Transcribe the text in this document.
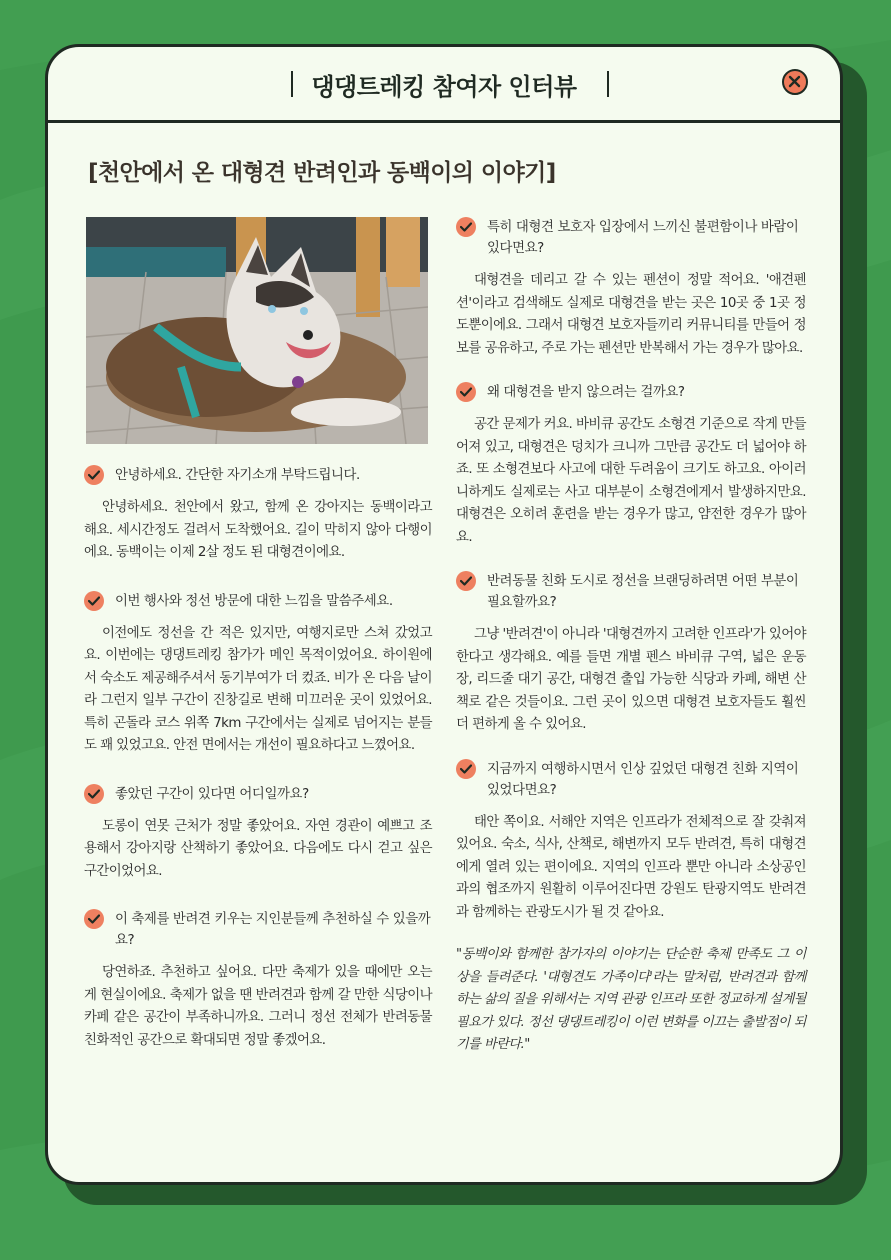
댕댕트레킹 참여자 인터뷰
[천안에서 온 대형견 반려인과 동백이의 이야기]
안녕하세요. 간단한 자기소개 부탁드립니다.

안녕하세요. 천안에서 왔고, 함께 온 강아지는 동백이라고 해요. 세시간정도 걸려서 도착했어요. 길이 막히지 않아 다행이에요. 동백이는 이제 2살 정도 된 대형견이에요.

이번 행사와 정선 방문에 대한 느낌을 말씀주세요.

이전에도 정선을 간 적은 있지만, 여행지로만 스쳐 갔었고요. 이번에는 댕댕트레킹 참가가 메인 목적이었어요. 하이원에서 숙소도 제공해주셔서 동기부여가 더 컸죠. 비가 온 다음 날이라 그런지 일부 구간이 진창길로 변해 미끄러운 곳이 있었어요. 특히 곤돌라 코스 위쪽 7km 구간에서는 실제로 넘어지는 분들도 꽤 있었고요. 안전 면에서는 개선이 필요하다고 느꼈어요.

좋았던 구간이 있다면 어디일까요?

도롱이 연못 근처가 정말 좋았어요. 자연 경관이 예쁘고 조용해서 강아지랑 산책하기 좋았어요. 다음에도 다시 걷고 싶은 구간이었어요.

이 축제를 반려견 키우는 지인분들께 추천하실 수 있을까요?

당연하죠. 추천하고 싶어요. 다만 축제가 있을 때에만 오는 게 현실이에요. 축제가 없을 땐 반려견과 함께 갈 만한 식당이나 카페 같은 공간이 부족하니까요. 그러니 정선 전체가 반려동물 친화적인 공간으로 확대되면 정말 좋겠어요.

특히 대형견 보호자 입장에서 느끼신 불편함이나 바람이 있다면요?

대형견을 데리고 갈 수 있는 펜션이 정말 적어요. '애견펜션'이라고 검색해도 실제로 대형견을 받는 곳은 10곳 중 1곳 정도뿐이에요. 그래서 대형견 보호자들끼리 커뮤니티를 만들어 정보를 공유하고, 주로 가는 펜션만 반복해서 가는 경우가 많아요.

왜 대형견을 받지 않으려는 걸까요?

공간 문제가 커요. 바비큐 공간도 소형견 기준으로 작게 만들어져 있고, 대형견은 덩치가 크니까 그만큼 공간도 더 넓어야 하죠. 또 소형견보다 사고에 대한 두려움이 크기도 하고요. 아이러니하게도 실제로는 사고 대부분이 소형견에게서 발생하지만요. 대형견은 오히려 훈련을 받는 경우가 많고, 얌전한 경우가 많아요.

반려동물 친화 도시로 정선을 브랜딩하려면 어떤 부분이 필요할까요?

그냥 '반려견'이 아니라 '대형견까지 고려한 인프라'가 있어야 한다고 생각해요. 예를 들면 개별 펜스 바비큐 구역, 넓은 운동장, 리드줄 대기 공간, 대형견 출입 가능한 식당과 카페, 해변 산책로 같은 것들이요. 그런 곳이 있으면 대형견 보호자들도 훨씬 더 편하게 올 수 있어요.

지금까지 여행하시면서 인상 깊었던 대형견 친화 지역이 있었다면요?

태안 쪽이요. 서해안 지역은 인프라가 전체적으로 잘 갖춰져 있어요. 숙소, 식사, 산책로, 해변까지 모두 반려견, 특히 대형견에게 열려 있는 편이에요. 지역의 인프라 뿐만 아니라 소상공인과의 협조까지 원활히 이루어진다면 강원도 탄광지역도 반려견과 함께하는 관광도시가 될 것 같아요.

"동백이와 함께한 참가자의 이야기는 단순한 축제 만족도 그 이상을 들려준다. '대형견도 가족이다'라는 말처럼, 반려견과 함께하는 삶의 질을 위해서는 지역 관광 인프라 또한 정교하게 설계될 필요가 있다. 정선 댕댕트레킹이 이런 변화를 이끄는 출발점이 되기를 바란다."
